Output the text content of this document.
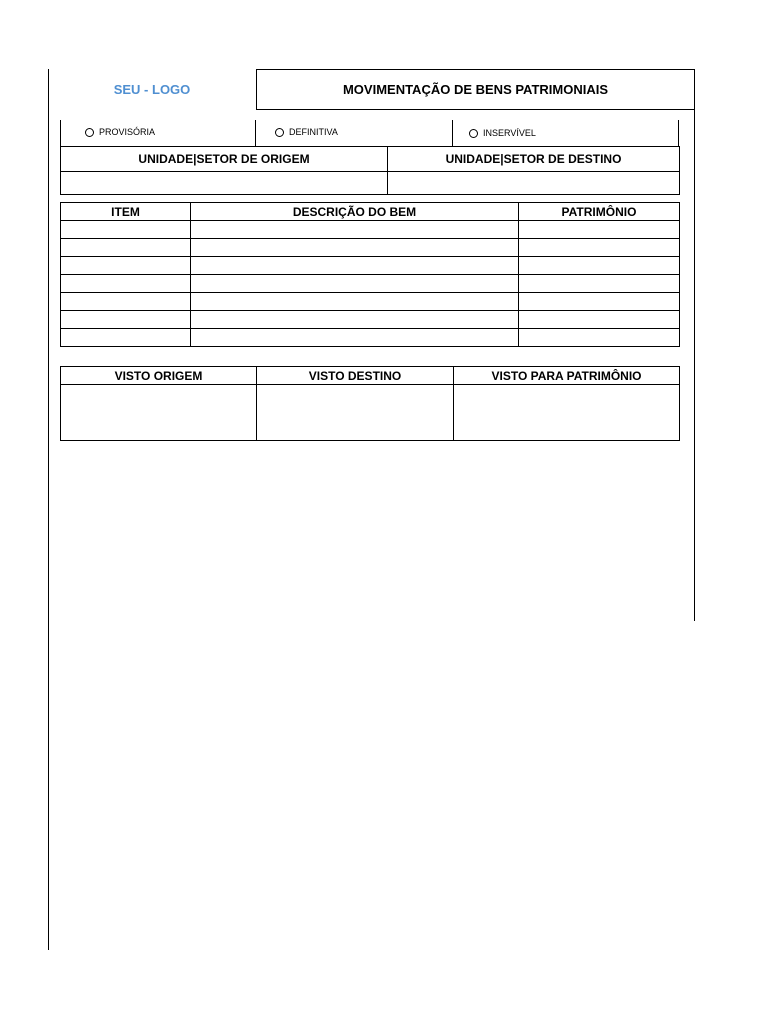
SEU - LOGO	MOVIMENTAÇÃO DE BENS PATRIMONIAIS
PROVISÓRIA	DEFINITIVA	INSERVÍVEL
UNIDADE|SETOR DE ORIGEM	UNIDADE|SETOR DE DESTINO

ITEM	DESCRIÇÃO DO BEM	PATRIMÔNIO

VISTO ORIGEM	VISTO DESTINO	VISTO PARA PATRIMÔNIO
